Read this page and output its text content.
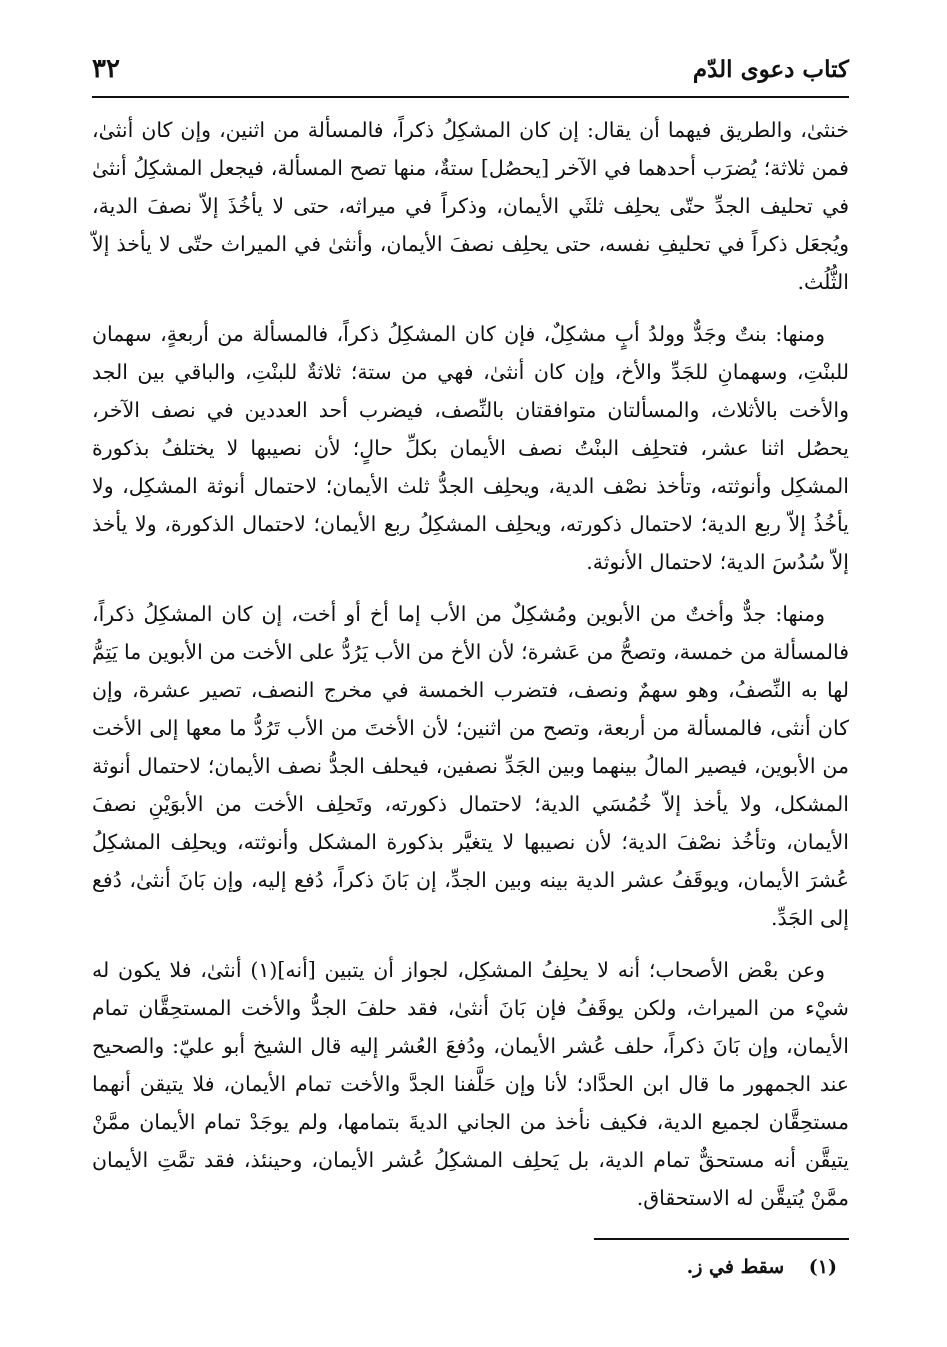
كتاب دعوى الدّم
٣٢

خنثىٰ، والطريق فيهما أن يقال: إن كان المشكِلُ ذكراً، فالمسألة من اثنين، وإن كان أنثىٰ، فمن ثلاثة؛ يُضرَب أحدهما في الآخر [يحصُل] ستةٌ، منها تصح المسألة، فيجعل المشكِلُ أنثىٰ في تحليف الجدِّ حتّى يحلِف ثلثَي الأيمان، وذكراً في ميراثه، حتى لا يأخُذَ إلاّ نصفَ الدية، ويُجعَل ذكراً في تحليفِ نفسه، حتى يحلِف نصفَ الأيمان، وأنثىٰ في الميراث حتّى لا يأخذ إلاّ الثُّلُث.

ومنها: بنتٌ وجَدٌّ وولدُ أبٍ مشكِلٌ، فإن كان المشكِلُ ذكراً، فالمسألة من أربعةٍ، سهمان للبنْتِ، وسهمانِ للجَدِّ والأخ، وإن كان أنثىٰ، فهي من ستة؛ ثلاثةٌ للبنْتِ، والباقي بين الجد والأخت بالأثلاث، والمسألتان متوافقتان بالنِّصف، فيضرب أحد العددين في نصف الآخر، يحصُل اثنا عشر، فتحلِف البنْتُ نصف الأيمان بكلِّ حالٍ؛ لأن نصيبها لا يختلفُ بذكورة المشكِل وأنوثته، وتأخذ نصْف الدية، ويحلِف الجدُّ ثلث الأيمان؛ لاحتمال أنوثة المشكِل، ولا يأخُذُ إلاّ ربع الدية؛ لاحتمال ذكورته، ويحلِف المشكِلُ ربع الأيمان؛ لاحتمال الذكورة، ولا يأخذ إلاّ سُدُسَ الدية؛ لاحتمال الأنوثة.

ومنها: جدٌّ وأختٌ من الأبوين ومُشكِلٌ من الأب إما أخ أو أخت، إن كان المشكِلُ ذكراً، فالمسألة من خمسة، وتصحُّ من عَشرة؛ لأن الأخ من الأب يَرُدُّ على الأخت من الأبوين ما يَتِمُّ لها به النِّصفُ، وهو سهمٌ ونصف، فتضرب الخمسة في مخرج النصف، تصير عشرة، وإن كان أنثى، فالمسألة من أربعة، وتصح من اثنين؛ لأن الأختَ من الأب تَرُدُّ ما معها إلى الأخت من الأبوين، فيصير المالُ بينهما وبين الجَدِّ نصفين، فيحلف الجدُّ نصف الأيمان؛ لاحتمال أنوثة المشكل، ولا يأخذ إلاّ خُمُسَي الدية؛ لاحتمال ذكورته، وتَحلِف الأخت من الأبوَيْنِ نصفَ الأيمان، وتأخُذ نصْفَ الدية؛ لأن نصيبها لا يتغيَّر بذكورة المشكل وأنوثته، ويحلِف المشكِلُ عُشرَ الأيمان، ويوقَفُ عشر الدية بينه وبين الجدِّ، إن بَانَ ذكراً، دُفع إليه، وإن بَانَ أنثىٰ، دُفع إلى الجَدِّ.

وعن بعْض الأصحاب؛ أنه لا يحلِفُ المشكِل، لجواز أن يتبين [أنه](١) أنثىٰ، فلا يكون له شيْء من الميراث، ولكن يوقَفُ فإن بَانَ أنثىٰ، فقد حلفَ الجدُّ والأخت المستحِقَّان تمام الأيمان، وإن بَانَ ذكراً، حلف عُشر الأيمان، ودُفعَ العُشر إليه قال الشيخ أبو عليّ: والصحيح عند الجمهور ما قال ابن الحدَّاد؛ لأنا وإن حَلَّفنا الجدَّ والأخت تمام الأيمان، فلا يتيقن أنهما مستحِقَّان لجميع الدية، فكيف نأخذ من الجاني الديةَ بتمامها، ولم يوجَدْ تمام الأيمان ممَّنْ يتيقَّن أنه مستحقٌّ تمام الدية، بل يَحلِف المشكِلُ عُشر الأيمان، وحينئذ، فقد تمَّتِ الأيمان ممَّنْ يُتيقَّن له الاستحقاق.

(١) سقط في ز.
